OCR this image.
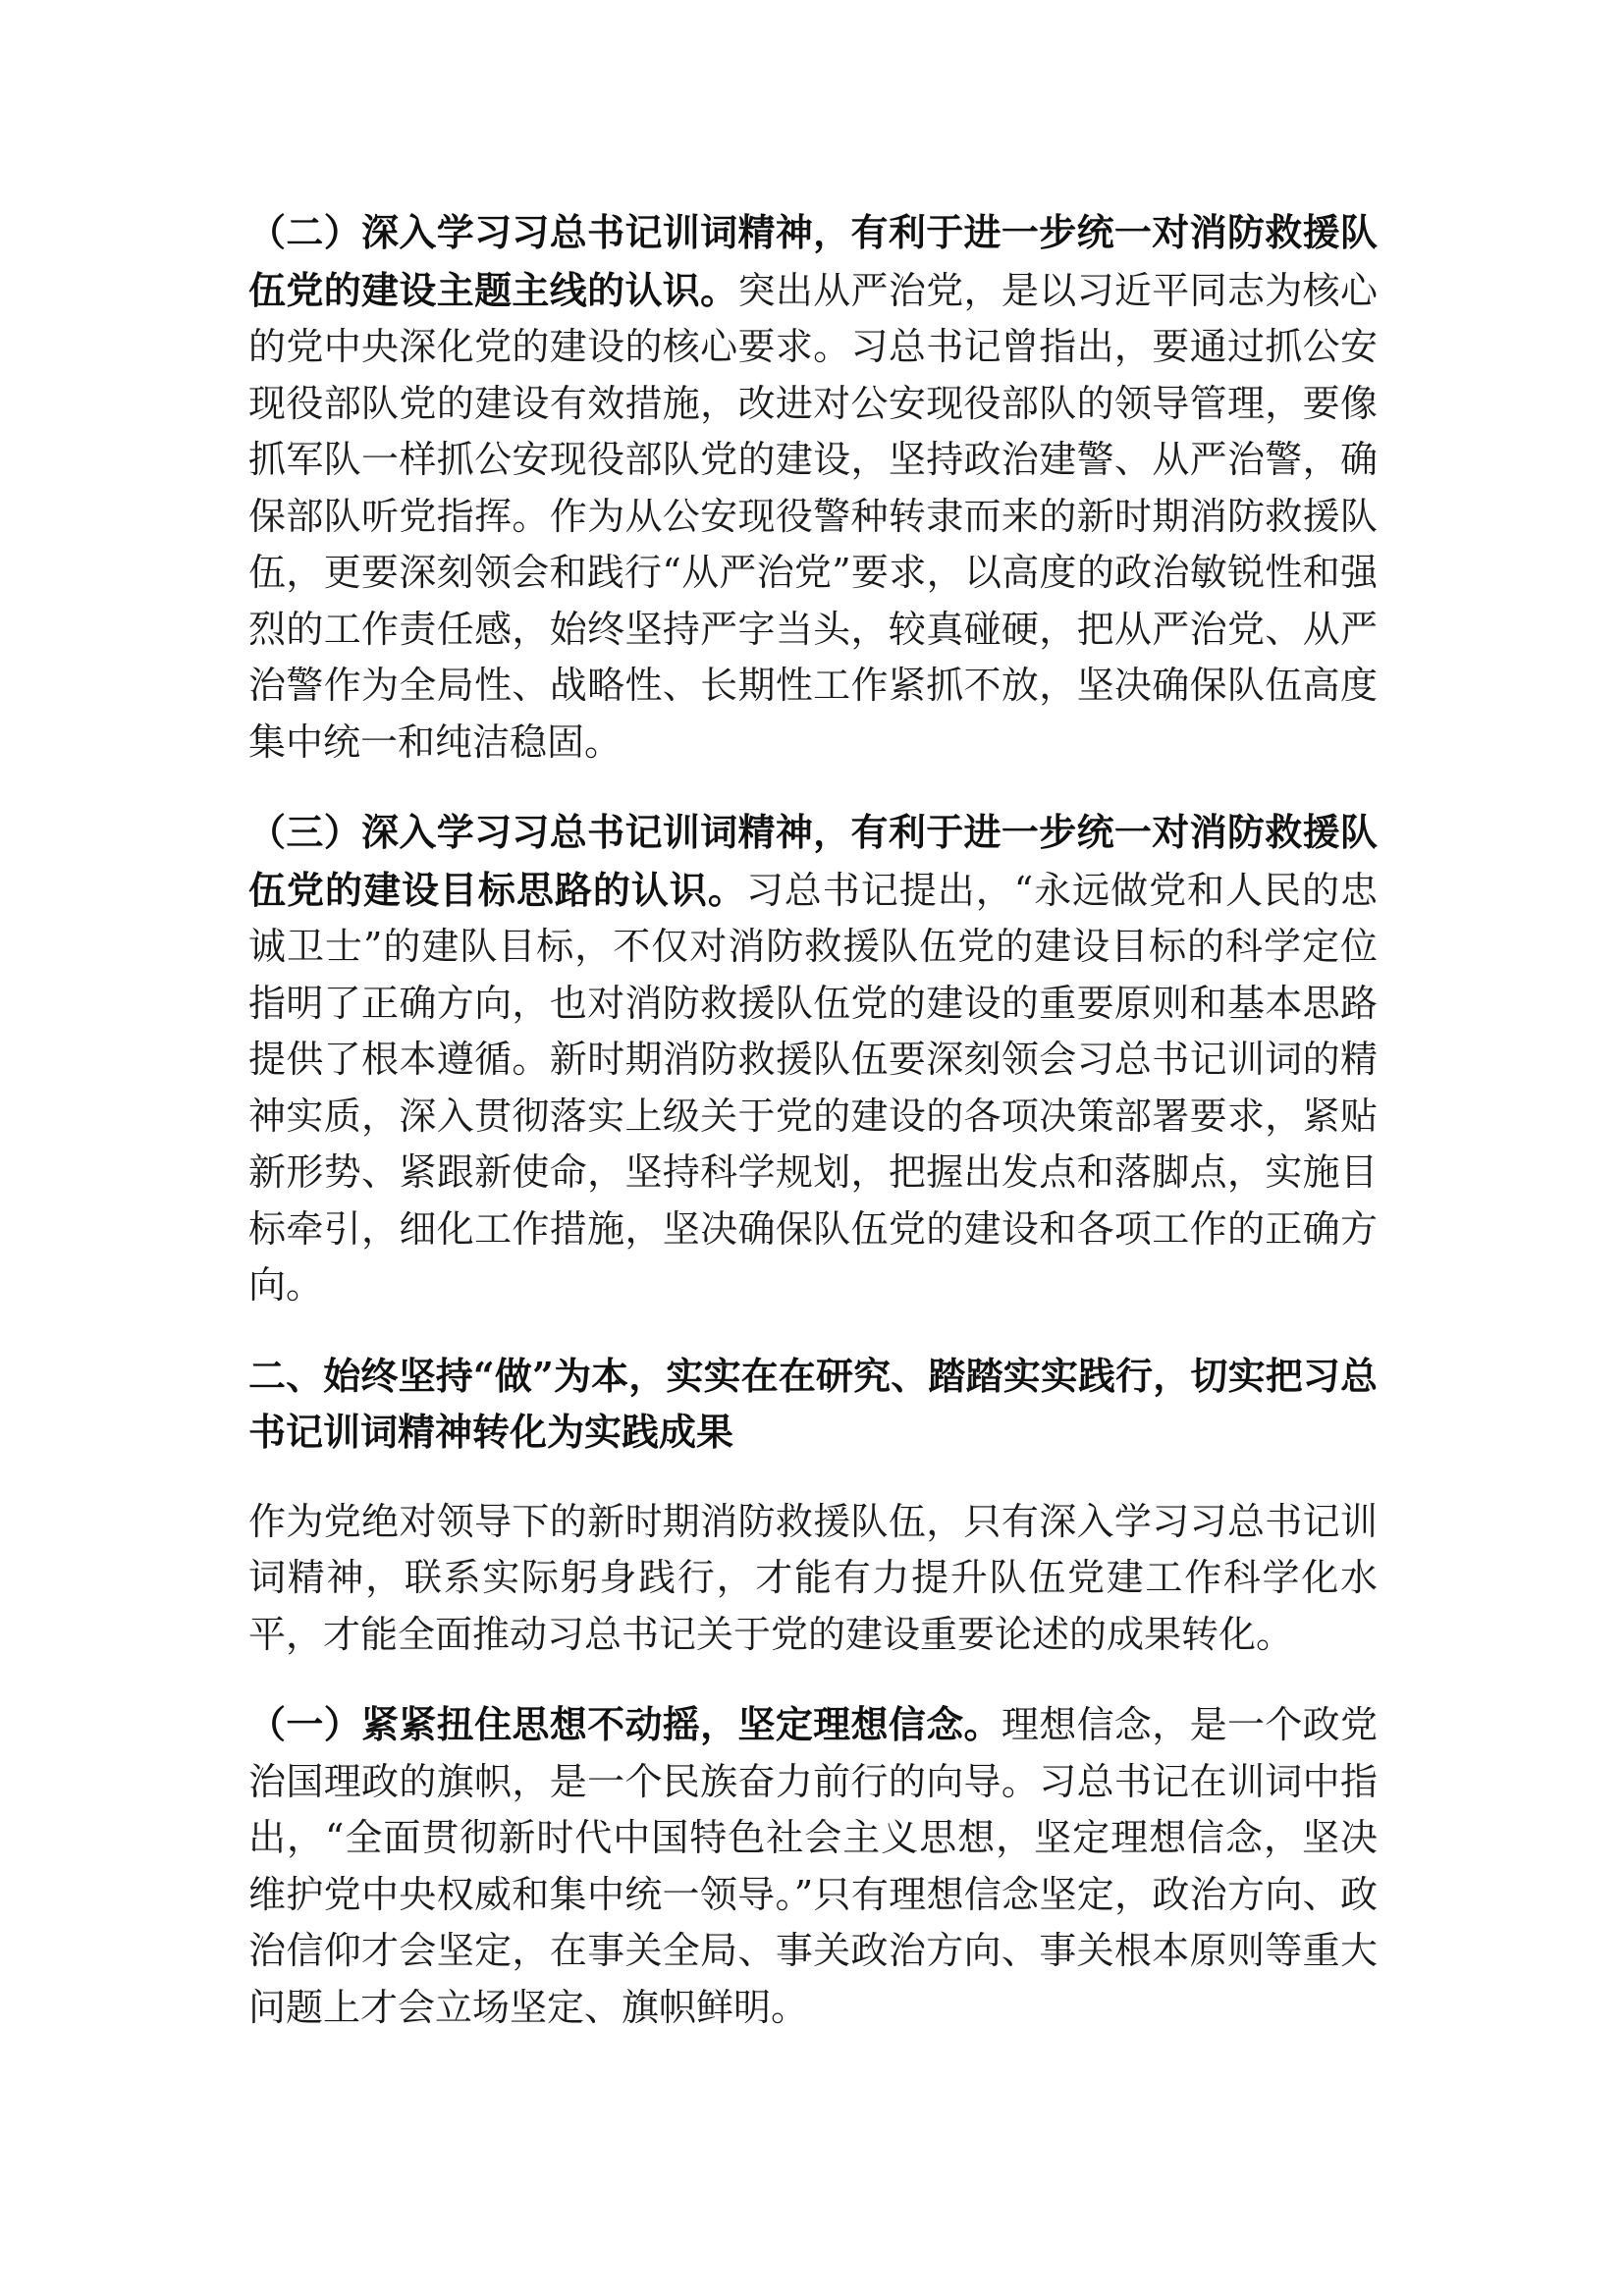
（二）深入学习习总书记训词精神，有利于进一步统一对消防救援队伍党的建设主题主线的认识。突出从严治党，是以习近平同志为核心的党中央深化党的建设的核心要求。习总书记曾指出，要通过抓公安现役部队党的建设有效措施，改进对公安现役部队的领导管理，要像抓军队一样抓公安现役部队党的建设，坚持政治建警、从严治警，确保部队听党指挥。作为从公安现役警种转隶而来的新时期消防救援队伍，更要深刻领会和践行“从严治党”要求，以高度的政治敏锐性和强烈的工作责任感，始终坚持严字当头，较真碰硬，把从严治党、从严治警作为全局性、战略性、长期性工作紧抓不放，坚决确保队伍高度集中统一和纯洁稳固。

（三）深入学习习总书记训词精神，有利于进一步统一对消防救援队伍党的建设目标思路的认识。习总书记提出，“永远做党和人民的忠诚卫士”的建队目标，不仅对消防救援队伍党的建设目标的科学定位指明了正确方向，也对消防救援队伍党的建设的重要原则和基本思路提供了根本遵循。新时期消防救援队伍要深刻领会习总书记训词的精神实质，深入贯彻落实上级关于党的建设的各项决策部署要求，紧贴新形势、紧跟新使命，坚持科学规划，把握出发点和落脚点，实施目标牵引，细化工作措施，坚决确保队伍党的建设和各项工作的正确方向。

二、始终坚持“做”为本，实实在在研究、踏踏实实践行，切实把习总书记训词精神转化为实践成果

作为党绝对领导下的新时期消防救援队伍，只有深入学习习总书记训词精神，联系实际躬身践行，才能有力提升队伍党建工作科学化水平，才能全面推动习总书记关于党的建设重要论述的成果转化。

（一）紧紧扭住思想不动摇，坚定理想信念。理想信念，是一个政党治国理政的旗帜，是一个民族奋力前行的向导。习总书记在训词中指出，“全面贯彻新时代中国特色社会主义思想，坚定理想信念，坚决维护党中央权威和集中统一领导。”只有理想信念坚定，政治方向、政治信仰才会坚定，在事关全局、事关政治方向、事关根本原则等重大问题上才会立场坚定、旗帜鲜明。
